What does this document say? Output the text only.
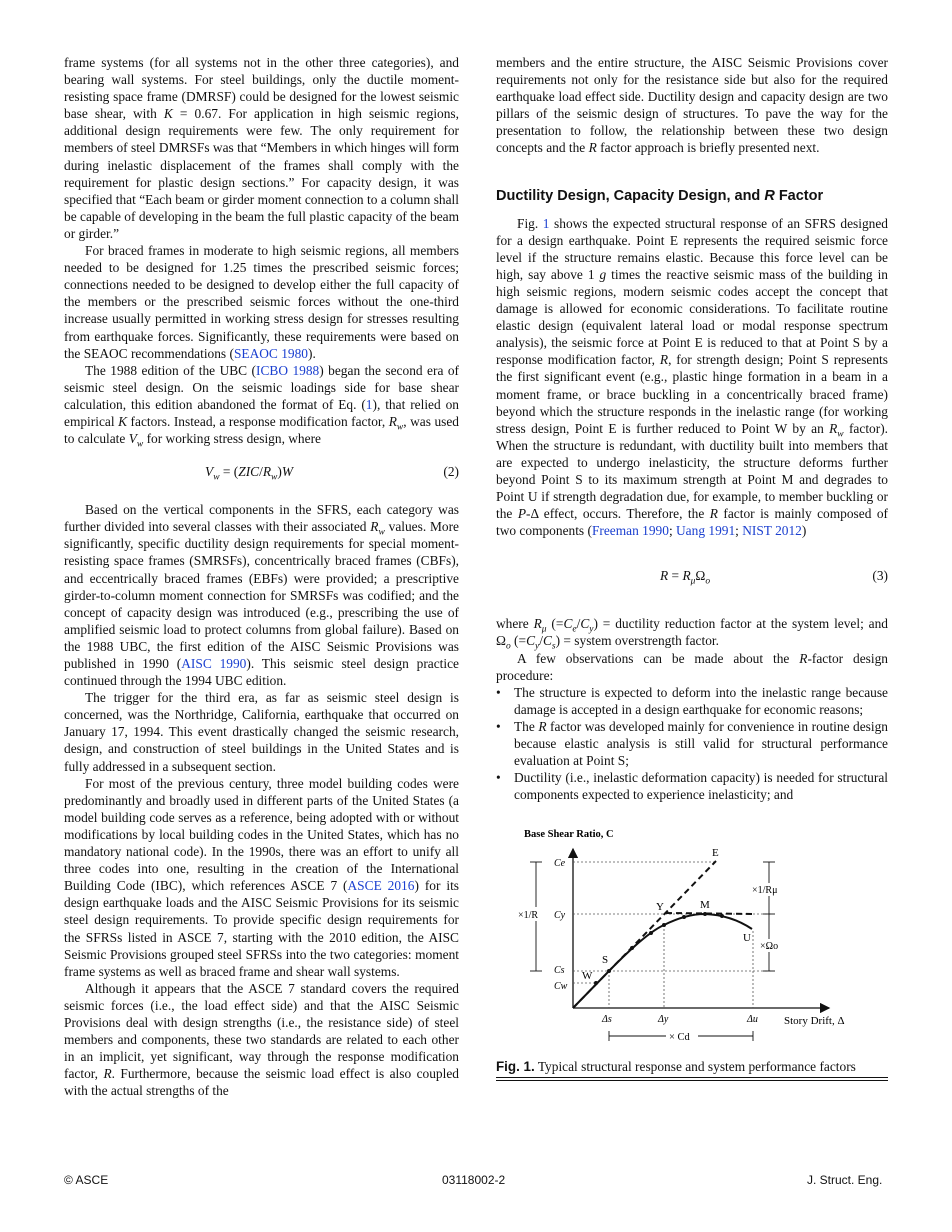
frame systems (for all systems not in the other three categories), and bearing wall systems. For steel buildings, only the ductile moment-resisting space frame (DMRSF) could be designed for the lowest seismic base shear, with K = 0.67. For application in high seismic regions, additional design requirements were few. The only requirement for members of steel DMRSFs was that “Members in which hinges will form during inelastic displacement of the frames shall comply with the requirement for plastic design sections.” For capacity design, it was specified that “Each beam or girder moment connection to a column shall be capable of developing in the beam the full plastic capacity of the beam or girder.”

For braced frames in moderate to high seismic regions, all members needed to be designed for 1.25 times the prescribed seismic forces; connections needed to be designed to develop either the full capacity of the members or the prescribed seismic forces without the one-third increase usually permitted in working stress design for stresses resulting from earthquake forces. Significantly, these requirements were based on the SEAOC recommendations (SEAOC 1980).

The 1988 edition of the UBC (ICBO 1988) began the second era of seismic steel design. On the seismic loadings side for base shear calculation, this edition abandoned the format of Eq. (1), that relied on empirical K factors. Instead, a response modification factor, $R_w$, was used to calculate $V_w$ for working stress design, where

$V_w = (ZIC/R_w)W$	(2)

Based on the vertical components in the SFRS, each category was further divided into several classes with their associated $R_w$ values. More significantly, specific ductility design requirements for special moment-resisting space frames (SMRSFs), concentrically braced frames (CBFs), and eccentrically braced frames (EBFs) were provided; a prescriptive girder-to-column moment connection for SMRSFs was codified; and the concept of capacity design was introduced (e.g., prescribing the use of amplified seismic load to protect columns from global failure). Based on the 1988 UBC, the first edition of the AISC Seismic Provisions was published in 1990 (AISC 1990). This seismic steel design practice continued through the 1994 UBC edition.

The trigger for the third era, as far as seismic steel design is concerned, was the Northridge, California, earthquake that occurred on January 17, 1994. This event drastically changed the seismic research, design, and construction of steel buildings in the United States and is fully addressed in a subsequent section.

For most of the previous century, three model building codes were predominantly and broadly used in different parts of the United States (a model building code serves as a reference, being adopted with or without modifications by local building codes in the United States, which has no mandatory national code). In the 1990s, there was an effort to unify all three codes into one, resulting in the creation of the International Building Code (IBC), which references ASCE 7 (ASCE 2016) for its design earthquake loads and the AISC Seismic Provisions for its seismic steel design requirements. To provide specific design requirements for the SFRSs listed in ASCE 7, starting with the 2010 edition, the AISC Seismic Provisions grouped steel SFRSs into the two categories: moment frame systems as well as braced frame and shear wall systems.

Although it appears that the ASCE 7 standard covers the required seismic forces (i.e., the load effect side) and that the AISC Seismic Provisions deal with design strengths (i.e., the resistance side) of steel members and components, these two standards are related to each other in an implicit, yet significant, way through the response modification factor, R. Furthermore, because the seismic load effect is also coupled with the actual strengths of the

members and the entire structure, the AISC Seismic Provisions cover requirements not only for the resistance side but also for the required earthquake load effect side. Ductility design and capacity design are two pillars of the seismic design of structures. To pave the way for the presentation to follow, the relationship between these two design concepts and the R factor approach is briefly presented next.

Ductility Design, Capacity Design, and R Factor

Fig. 1 shows the expected structural response of an SFRS designed for a design earthquake. Point E represents the required seismic force level if the structure remains elastic. Because this force level can be high, say above 1 g times the reactive seismic mass of the building in high seismic regions, modern seismic codes accept the concept that damage is allowed for economic considerations. To facilitate routine elastic design (equivalent lateral load or modal response spectrum analysis), the seismic force at Point E is reduced to that at Point S by a response modification factor, R, for strength design; Point S represents the first significant event (e.g., plastic hinge formation in a beam in a moment frame, or brace buckling in a concentrically braced frame) beyond which the structure responds in the inelastic range (for working stress design, Point E is further reduced to Point W by an $R_w$ factor). When the structure is redundant, with ductility built into members that are expected to undergo inelasticity, the structure deforms further beyond Point S to its maximum strength at Point M and degrades to Point U if strength degradation due, for example, to member buckling or the P-Δ effect, occurs. Therefore, the R factor is mainly composed of two components (Freeman 1990; Uang 1991; NIST 2012)

$R = R_\mu\Omega_o$	(3)

where $R_\mu$ $(=C_e/C_y)$ = ductility reduction factor at the system level; and $\Omega_o$ $(=C_y/C_s)$ = system overstrength factor.

A few observations can be made about the R-factor design procedure:

• The structure is expected to deform into the inelastic range because damage is accepted in a design earthquake for economic reasons;
• The R factor was developed mainly for convenience in routine design because elastic analysis is still valid for structural performance evaluation at Point S;
• Ductility (i.e., inelastic deformation capacity) is needed for structural components expected to experience inelasticity; and
Base Shear Ratio, C
Story Drift, Δ
Ce
Cy
Cs
Cw
Δs	Δy	Δu
E
Y	M
U
S
W
×1/R
×1/Rμ
×Ωo
× Cd
Fig. 1. Typical structural response and system performance factors
© ASCE	03118002-2	J. Struct. Eng.
